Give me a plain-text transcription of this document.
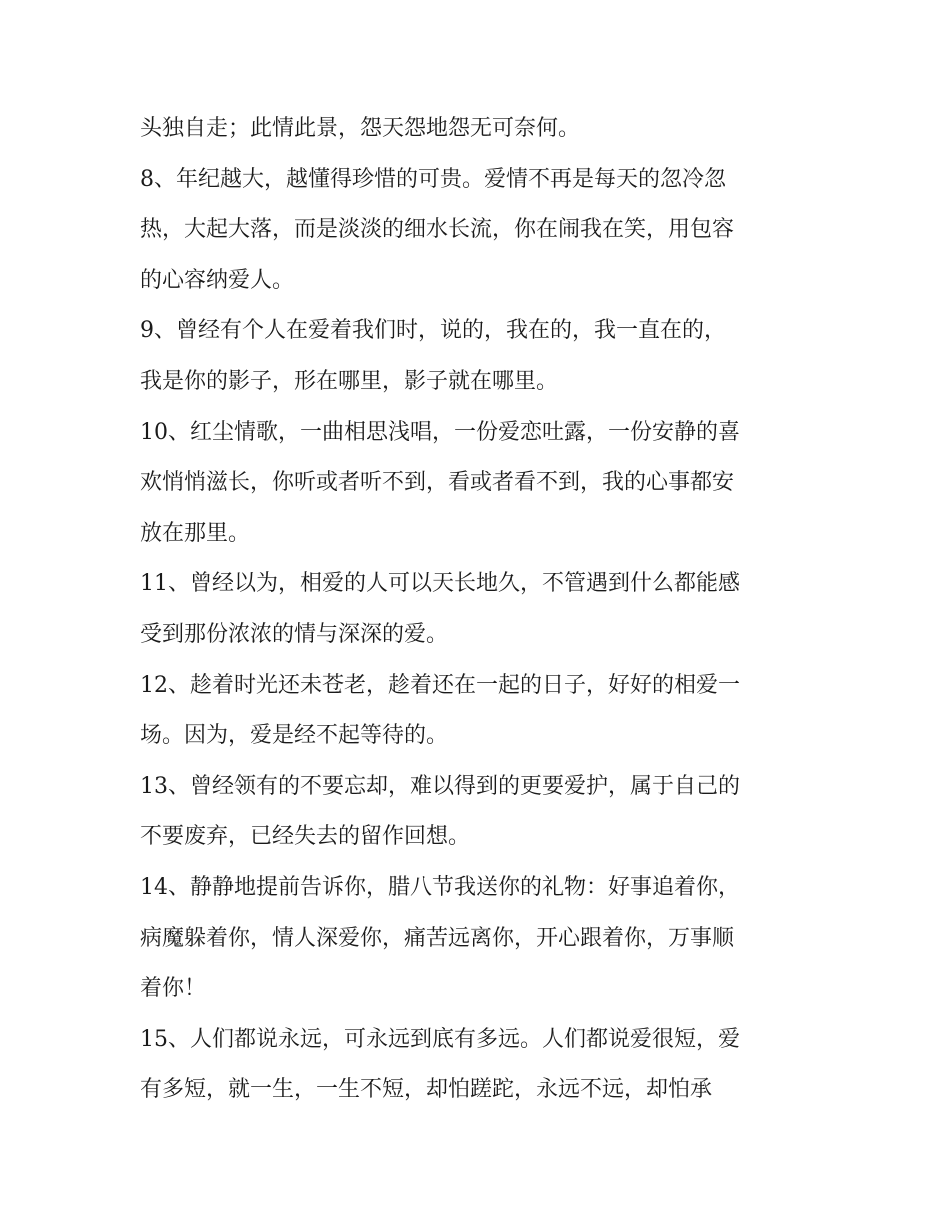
头独自走；此情此景，怨天怨地怨无可奈何。
8、年纪越大，越懂得珍惜的可贵。爱情不再是每天的忽冷忽
热，大起大落，而是淡淡的细水长流，你在闹我在笑，用包容
的心容纳爱人。
9、曾经有个人在爱着我们时，说的，我在的，我一直在的，
我是你的影子，形在哪里，影子就在哪里。
10、红尘情歌，一曲相思浅唱，一份爱恋吐露，一份安静的喜
欢悄悄滋长，你听或者听不到，看或者看不到，我的心事都安
放在那里。
11、曾经以为，相爱的人可以天长地久，不管遇到什么都能感
受到那份浓浓的情与深深的爱。
12、趁着时光还未苍老，趁着还在一起的日子，好好的相爱一
场。因为，爱是经不起等待的。
13、曾经领有的不要忘却，难以得到的更要爱护，属于自己的
不要废弃，已经失去的留作回想。
14、静静地提前告诉你，腊八节我送你的礼物：好事追着你，
病魔躲着你，情人深爱你，痛苦远离你，开心跟着你，万事顺
着你！
15、人们都说永远，可永远到底有多远。人们都说爱很短，爱
有多短，就一生，一生不短，却怕蹉跎，永远不远，却怕承
